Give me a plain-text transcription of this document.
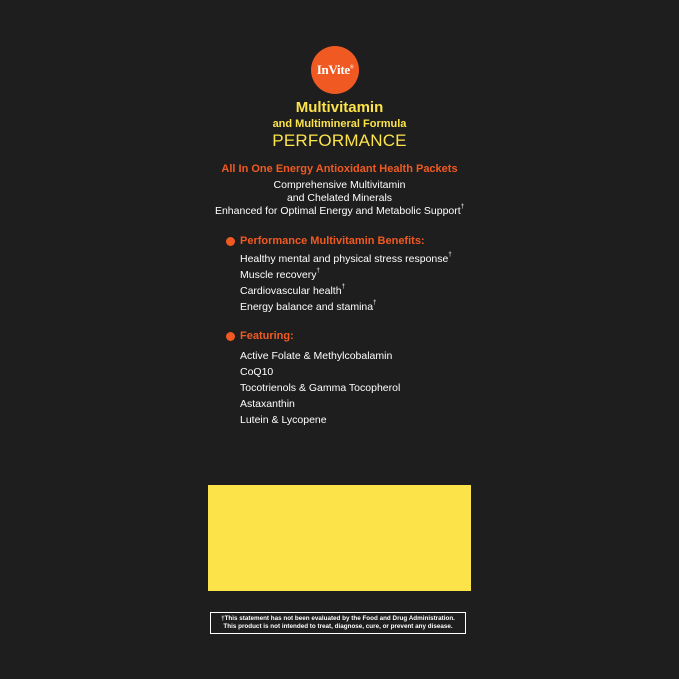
InVite®
Multivitamin
and Multimineral Formula
PERFORMANCE
All In One Energy Antioxidant Health Packets
Comprehensive Multivitamin
and Chelated Minerals
Enhanced for Optimal Energy and Metabolic Support†
Performance Multivitamin Benefits:
Healthy mental and physical stress response†
Muscle recovery†
Cardiovascular health†
Energy balance and stamina†
Featuring:
Active Folate & Methylcobalamin
CoQ10
Tocotrienols & Gamma Tocopherol
Astaxanthin
Lutein & Lycopene
†This statement has not been evaluated by the Food and Drug Administration.
This product is not intended to treat, diagnose, cure, or prevent any disease.
